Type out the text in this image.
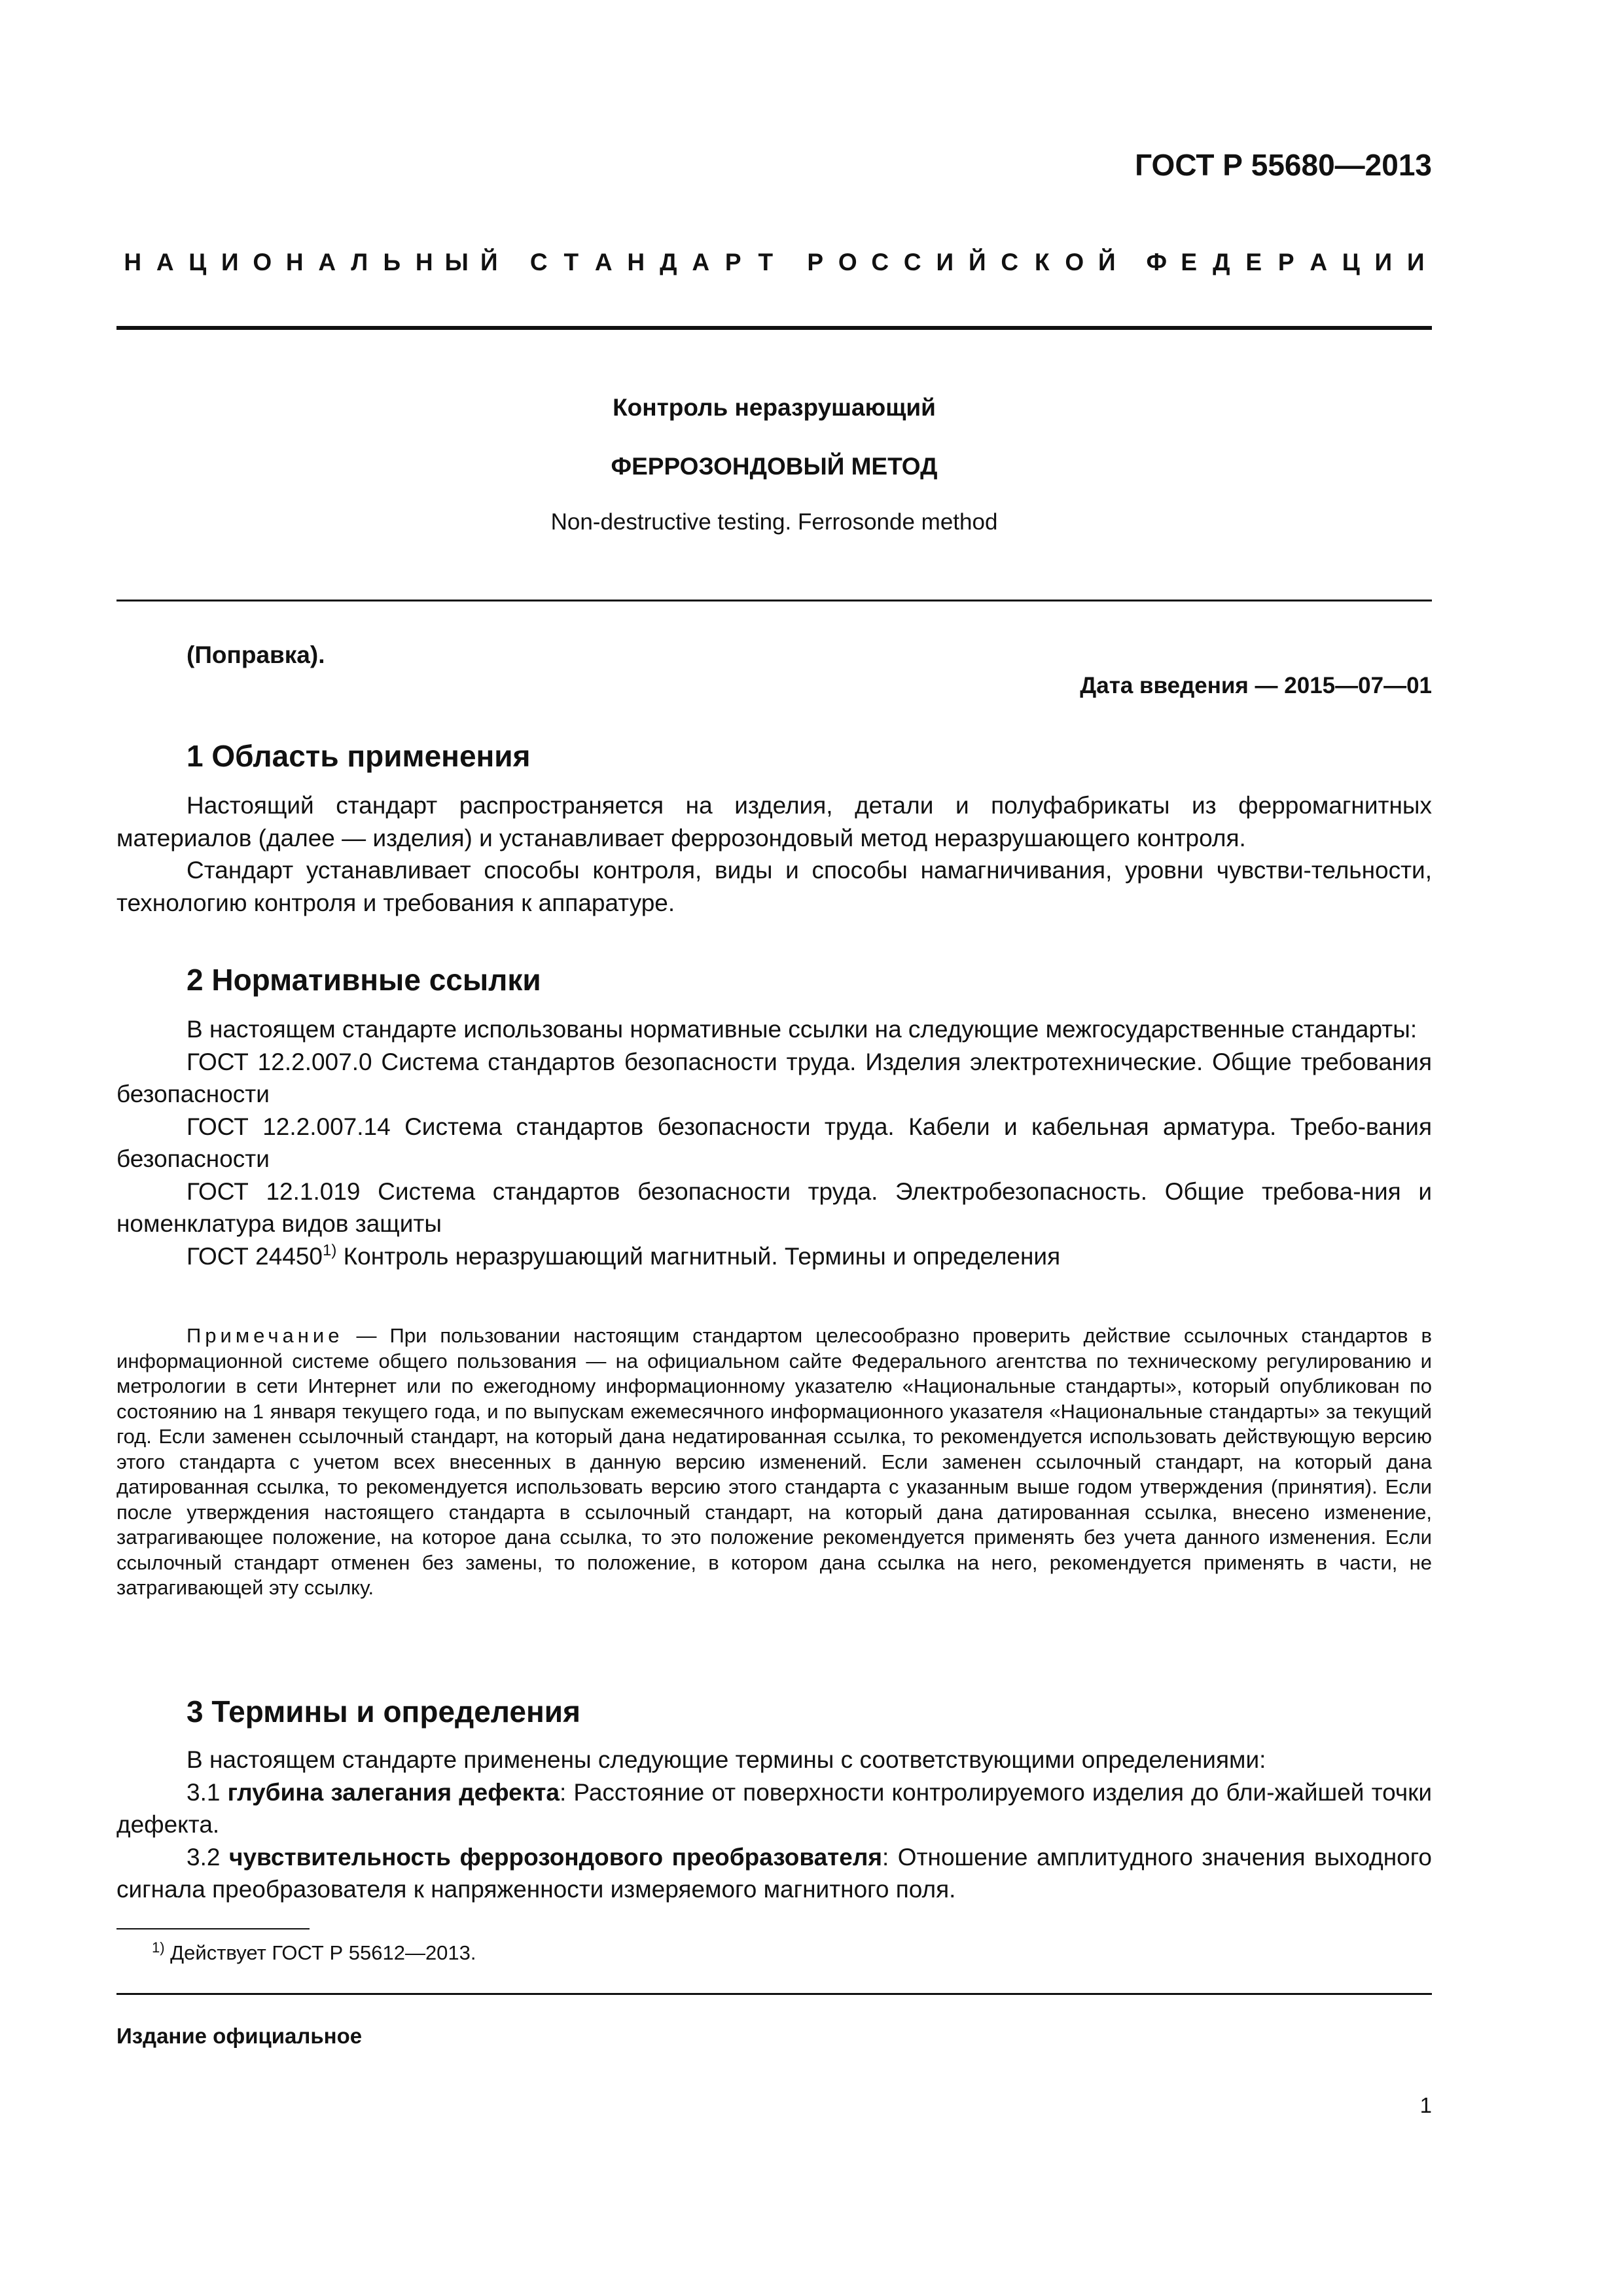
ГОСТ Р 55680—2013
Н А Ц И О Н А Л Ь Н Ы Й	С Т А Н Д А Р Т	Р О С С И Й С К О Й	Ф Е Д Е Р А Ц И И
Контроль неразрушающий
ФЕРРОЗОНДОВЫЙ МЕТОД
Non-destructive testing. Ferrosonde method
(Поправка).
Дата введения — 2015—07—01
1 Область применения

Настоящий стандарт распространяется на изделия, детали и полуфабрикаты из ферромагнитных материалов (далее — изделия) и устанавливает феррозондовый метод неразрушающего контроля.

Стандарт устанавливает способы контроля, виды и способы намагничивания, уровни чувстви-тельности, технологию контроля и требования к аппаратуре.

2 Нормативные ссылки

В настоящем стандарте использованы нормативные ссылки на следующие межгосударственные стандарты:

ГОСТ 12.2.007.0 Система стандартов безопасности труда. Изделия электротехнические. Общие требования безопасности

ГОСТ 12.2.007.14 Система стандартов безопасности труда. Кабели и кабельная арматура. Требо-вания безопасности

ГОСТ 12.1.019 Система стандартов безопасности труда. Электробезопасность. Общие требова-ния и номенклатура видов защиты

ГОСТ 24450$^{1)}$ Контроль неразрушающий магнитный. Термины и определения

Примечание — При пользовании настоящим стандартом целесообразно проверить действие ссылочных стандартов в информационной системе общего пользования — на официальном сайте Федерального агентства по техническому регулированию и метрологии в сети Интернет или по ежегодному информационному указателю «Национальные стандарты», который опубликован по состоянию на 1 января текущего года, и по выпускам ежемесячного информационного указателя «Национальные стандарты» за текущий год. Если заменен ссылочный стандарт, на который дана недатированная ссылка, то рекомендуется использовать действующую версию этого стандарта с учетом всех внесенных в данную версию изменений. Если заменен ссылочный стандарт, на который дана датированная ссылка, то рекомендуется использовать версию этого стандарта с указанным выше годом утверждения (принятия). Если после утверждения настоящего стандарта в ссылочный стандарт, на который дана датированная ссылка, внесено изменение, затрагивающее положение, на которое дана ссылка, то это положение рекомендуется применять без учета данного изменения. Если ссылочный стандарт отменен без замены, то положение, в котором дана ссылка на него, рекомендуется применять в части, не затрагивающей эту ссылку.
3 Термины и определения

В настоящем стандарте применены следующие термины с соответствующими определениями:

3.1 глубина залегания дефекта: Расстояние от поверхности контролируемого изделия до бли-жайшей точки дефекта.

3.2 чувствительность феррозондового преобразователя: Отношение амплитудного значения выходного сигнала преобразователя к напряженности измеряемого магнитного поля.

$^{1)}$ Действует ГОСТ Р 55612—2013.
Издание официальное
1
